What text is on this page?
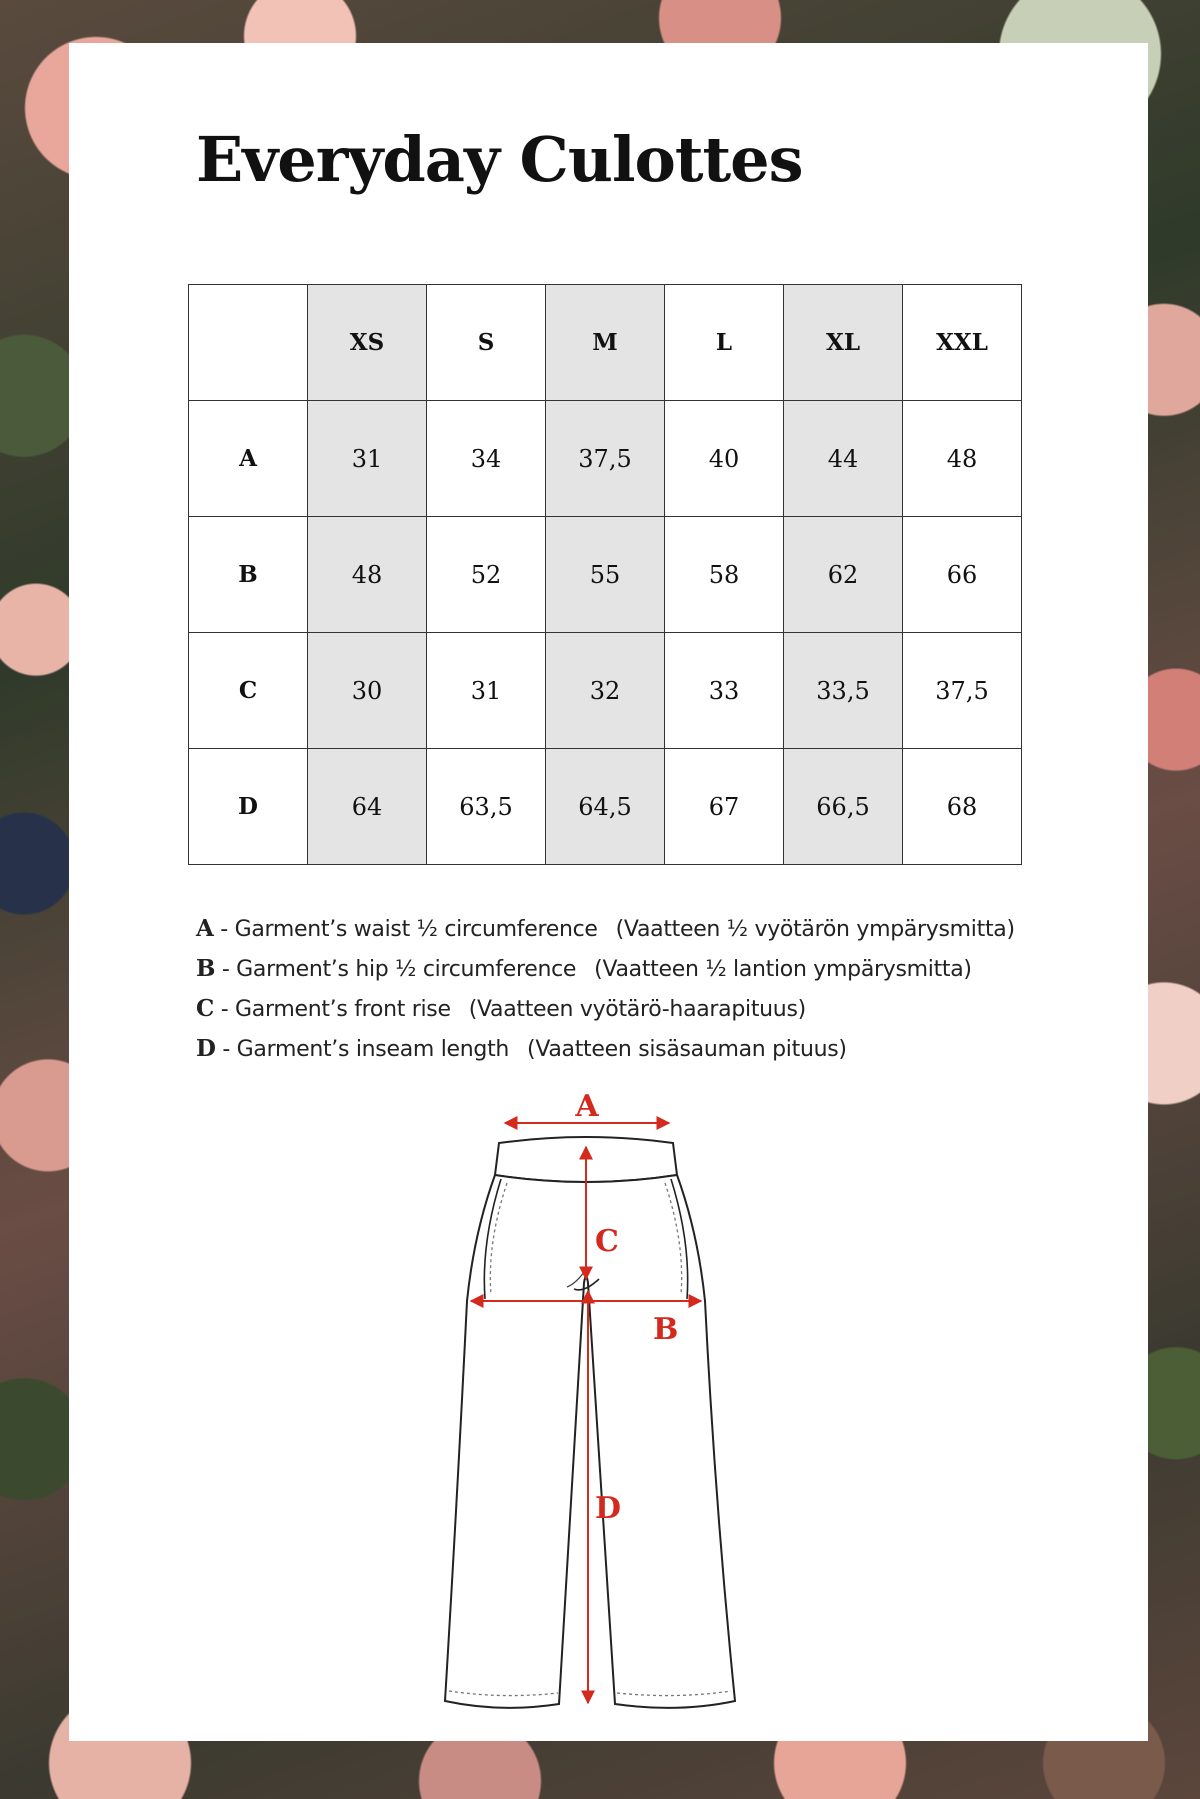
Everyday Culottes
	XS	S	M	L	XL	XXL
A	31	34	37,5	40	44	48
B	48	52	55	58	62	66
C	30	31	32	33	33,5	37,5
D	64	63,5	64,5	67	66,5	68
A - Garment’s waist ½ circumference (Vaatteen ½ vyötärön ympärysmitta)
B - Garment’s hip ½ circumference (Vaatteen ½ lantion ympärysmitta)
C - Garment’s front rise (Vaatteen vyötärö-haarapituus)
D - Garment’s inseam length (Vaatteen sisäsauman pituus)
A
C
B
D
